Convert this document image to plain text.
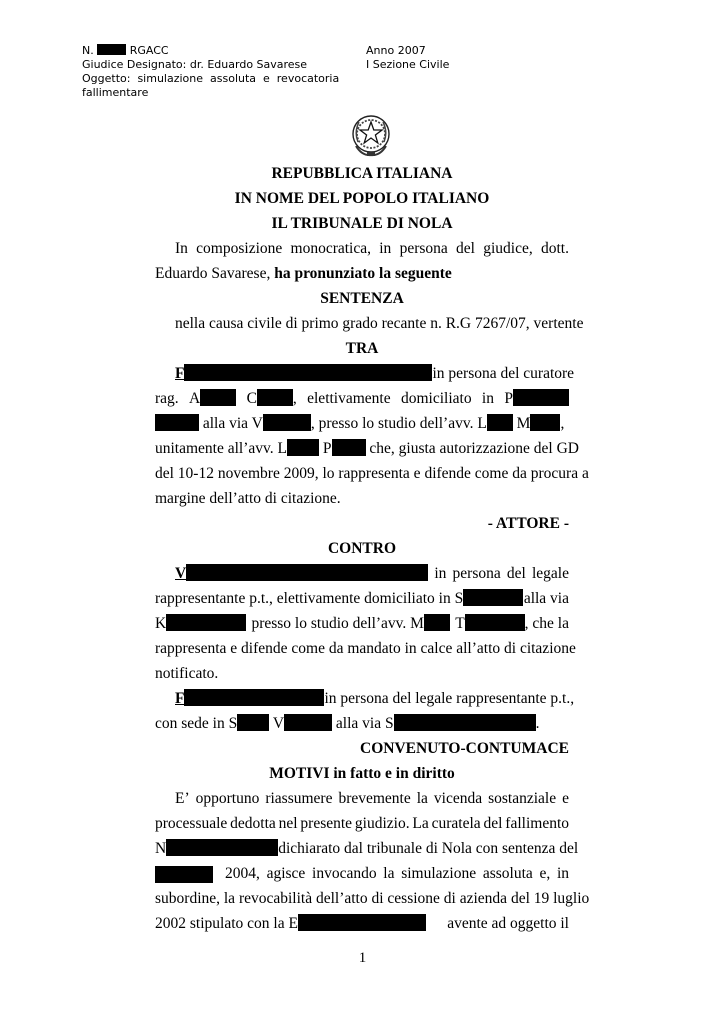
N.	RGACC
Giudice Designato: dr. Eduardo Savarese
Oggetto:  simulazione  assoluta  e  revocatoria
fallimentare
Anno 2007
I Sezione Civile
REPUBBLICA ITALIANA
IN NOME DEL POPOLO ITALIANO
IL TRIBUNALE DI NOLA
In composizione monocratica, in persona del giudice, dott.
Eduardo Savarese, ha pronunziato la seguente
SENTENZA
nella causa civile di primo grado recante n. R.G 7267/07, vertente
TRA
F	in persona del curatore
rag. A	C , elettivamente domiciliato in P
alla via V	, presso lo studio dell’avv. L M ,
unitamente all’avv. L P che, giusta autorizzazione del GD
del 10-12 novembre 2009, lo rappresenta e difende come da procura a
margine dell’atto di citazione.
- ATTORE -
CONTRO
V	in persona del legale
rappresentante p.t., elettivamente domiciliato in S	alla via
K	presso lo studio dell’avv. M	T	, che la
rappresenta e difende come da mandato in calce all’atto di citazione
notificato.
F	in persona del legale rappresentante p.t.,
con sede in S V	alla via S	.
CONVENUTO-CONTUMACE
MOTIVI in fatto e in diritto
E’ opportuno riassumere brevemente la vicenda sostanziale e
processuale dedotta nel presente giudizio. La curatela del fallimento
N	dichiarato dal tribunale di Nola con sentenza del
2004, agisce invocando la simulazione assoluta e, in
subordine, la revocabilità dell’atto di cessione di azienda del 19 luglio
2002 stipulato con la E	avente ad oggetto il
1
